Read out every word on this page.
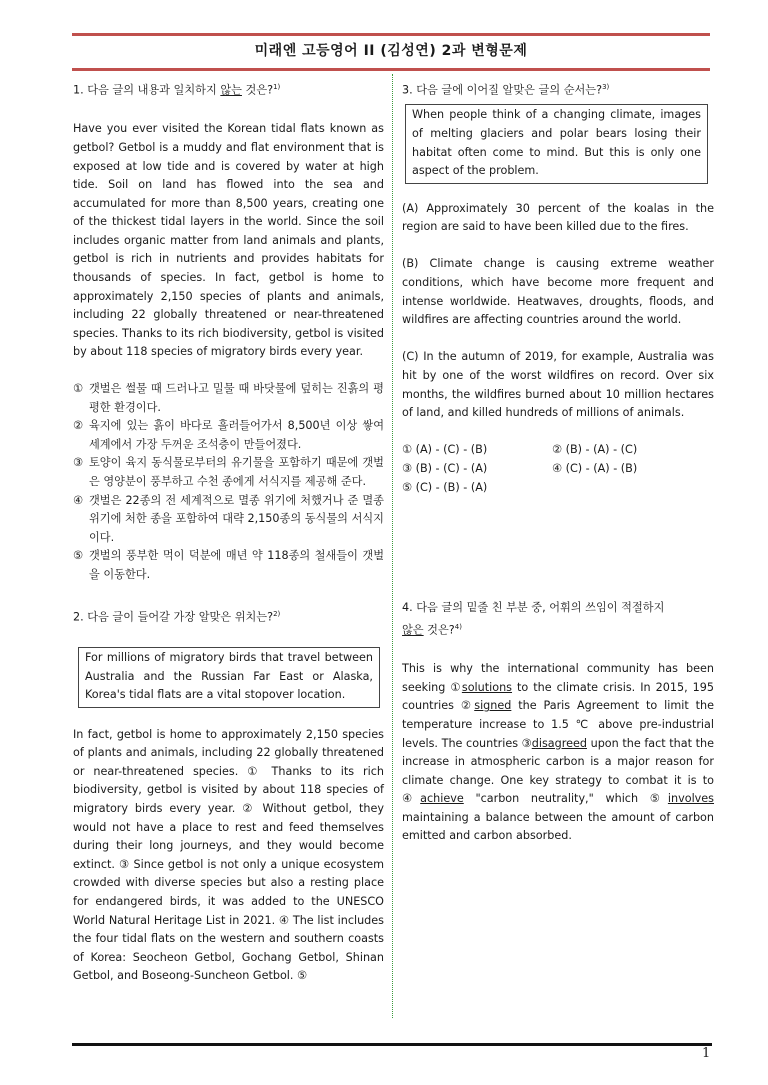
미래엔 고등영어 II (김성연) 2과 변형문제
1. 다음 글의 내용과 일치하지 않는 것은?$^{1)}$
Have you ever visited the Korean tidal flats known as getbol? Getbol is a muddy and flat environment that is exposed at low tide and is covered by water at high tide. Soil on land has flowed into the sea and accumulated for more than 8,500 years, creating one of the thickest tidal layers in the world. Since the soil includes organic matter from land animals and plants, getbol is rich in nutrients and provides habitats for thousands of species. In fact, getbol is home to approximately 2,150 species of plants and animals, including 22 globally threatened or near-threatened species. Thanks to its rich biodiversity, getbol is visited by about 118 species of migratory birds every year.
① 갯벌은 썰물 때 드러나고 밀물 때 바닷물에 덮히는 진흙의 평평한 환경이다.
② 육지에 있는 흙이 바다로 흘러들어가서 8,500년 이상 쌓여 세계에서 가장 두꺼운 조석층이 만들어졌다.
③ 토양이 육지 동식물로부터의 유기물을 포함하기 때문에 갯벌은 영양분이 풍부하고 수천 종에게 서식지를 제공해 준다.
④ 갯벌은 22종의 전 세계적으로 멸종 위기에 처했거나 준 멸종 위기에 처한 종을 포함하여 대략 2,150종의 동식물의 서식지이다.
⑤ 갯벌의 풍부한 먹이 덕분에 매년 약 118종의 철새들이 갯벌을 이동한다.
2. 다음 글이 들어갈 가장 알맞은 위치는?$^{2)}$
For millions of migratory birds that travel between Australia and the Russian Far East or Alaska, Korea's tidal flats are a vital stopover location.
In fact, getbol is home to approximately 2,150 species of plants and animals, including 22 globally threatened or near-threatened species. ① Thanks to its rich biodiversity, getbol is visited by about 118 species of migratory birds every year. ② Without getbol, they would not have a place to rest and feed themselves during their long journeys, and they would become extinct. ③ Since getbol is not only a unique ecosystem crowded with diverse species but also a resting place for endangered birds, it was added to the UNESCO World Natural Heritage List in 2021. ④ The list includes the four tidal flats on the western and southern coasts of Korea: Seocheon Getbol, Gochang Getbol, Shinan Getbol, and Boseong-Suncheon Getbol. ⑤
3. 다음 글에 이어질 알맞은 글의 순서는?$^{3)}$
When people think of a changing climate, images of melting glaciers and polar bears losing their habitat often come to mind. But this is only one aspect of the problem.
(A) Approximately 30 percent of the koalas in the region are said to have been killed due to the fires.
(B) Climate change is causing extreme weather conditions, which have become more frequent and intense worldwide. Heatwaves, droughts, floods, and wildfires are affecting countries around the world.
(C) In the autumn of 2019, for example, Australia was hit by one of the worst wildfires on record. Over six months, the wildfires burned about 10 million hectares of land, and killed hundreds of millions of animals.
① (A) - (C) - (B)	② (B) - (A) - (C)
③ (B) - (C) - (A)	④ (C) - (A) - (B)
⑤ (C) - (B) - (A)
4. 다음 글의 밑줄 친 부분 중, 어휘의 쓰임이 적절하지
않은 것은?$^{4)}$
This is why the international community has been seeking ①solutions to the climate crisis. In 2015, 195 countries ②signed the Paris Agreement to limit the temperature increase to 1.5 ℃ above pre-industrial levels. The countries ③disagreed upon the fact that the increase in atmospheric carbon is a major reason for climate change. One key strategy to combat it is to ④achieve "carbon neutrality," which ⑤involves maintaining a balance between the amount of carbon emitted and carbon absorbed.
1
